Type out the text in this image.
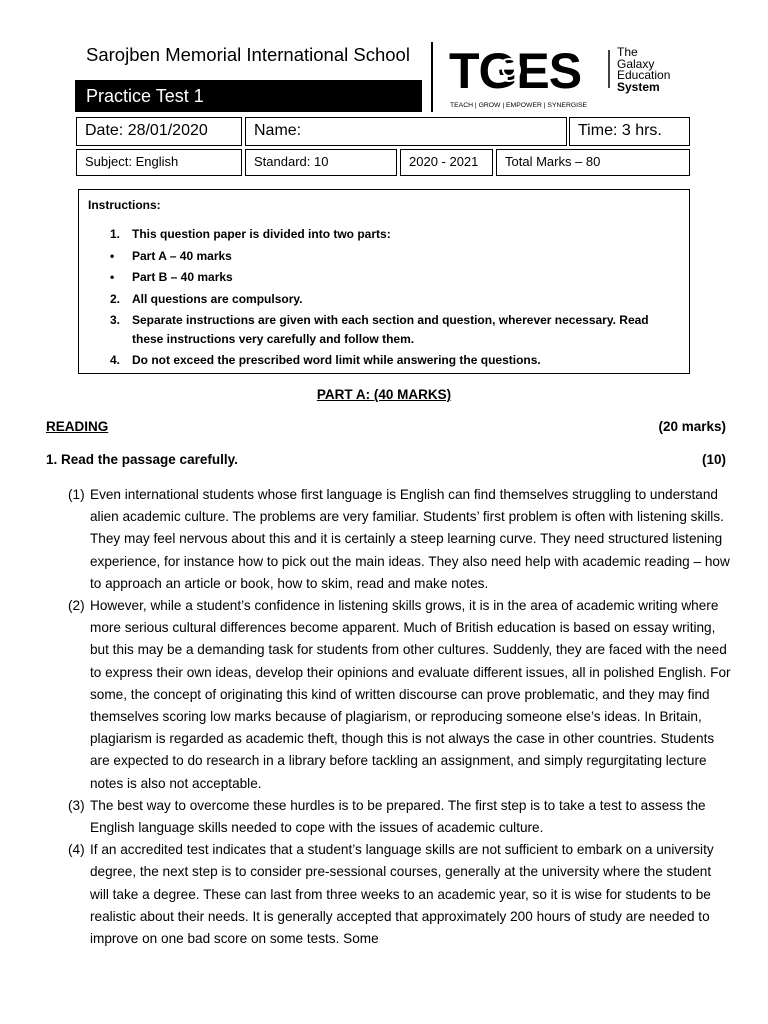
Sarojben Memorial International School
Practice Test 1	TGES	The
Galaxy
Education
System
TEACH | GROW | EMPOWER | SYNERGISE
Date: 28/01/2020	Name:	Time: 3 hrs.
Subject: English	Standard: 10	2020 - 2021	Total Marks – 80
Instructions:
1. This question paper is divided into two parts:
• Part A – 40 marks
• Part B – 40 marks
2. All questions are compulsory.
3. Separate instructions are given with each section and question, wherever necessary. Read these instructions very carefully and follow them.
4. Do not exceed the prescribed word limit while answering the questions.
PART A: (40 MARKS)
READING	(20 marks)
1. Read the passage carefully.	(10)

(1) Even international students whose first language is English can find themselves struggling to understand alien academic culture. The problems are very familiar. Students’ first problem is often with listening skills. They may feel nervous about this and it is certainly a steep learning curve. They need structured listening experience, for instance how to pick out the main ideas. They also need help with academic reading – how to approach an article or book, how to skim, read and make notes.

(2) However, while a student’s confidence in listening skills grows, it is in the area of academic writing where more serious cultural differences become apparent. Much of British education is based on essay writing, but this may be a demanding task for students from other cultures. Suddenly, they are faced with the need to express their own ideas, develop their opinions and evaluate different issues, all in polished English. For some, the concept of originating this kind of written discourse can prove problematic, and they may find themselves scoring low marks because of plagiarism, or reproducing someone else’s ideas. In Britain, plagiarism is regarded as academic theft, though this is not always the case in other countries. Students are expected to do research in a library before tackling an assignment, and simply regurgitating lecture notes is also not acceptable.

(3) The best way to overcome these hurdles is to be prepared. The first step is to take a test to assess the English language skills needed to cope with the issues of academic culture.

(4) If an accredited test indicates that a student’s language skills are not sufficient to embark on a university degree, the next step is to consider pre-sessional courses, generally at the university where the student will take a degree. These can last from three weeks to an academic year, so it is wise for students to be realistic about their needs. It is generally accepted that approximately 200 hours of study are needed to improve on one bad score on some tests. Some
